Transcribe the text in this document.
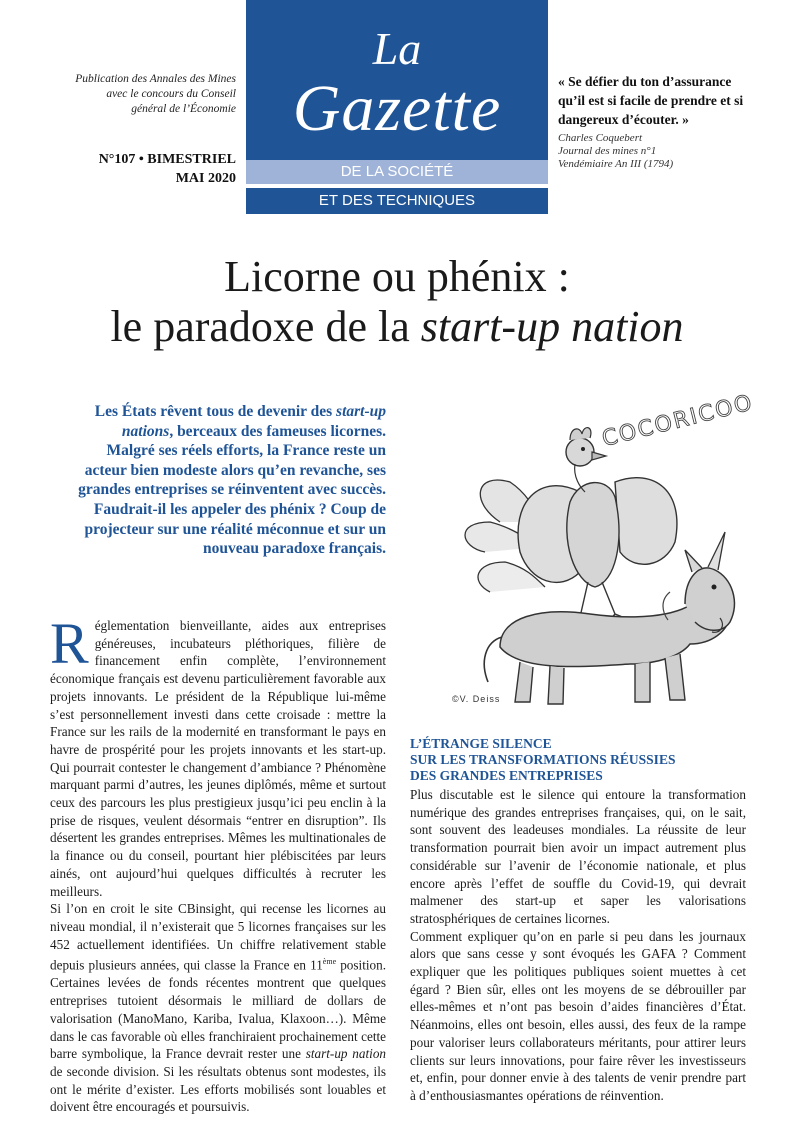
Publication des Annales des Mines
avec le concours du Conseil
général de l’Économie
N°107 • BIMESTRIEL
MAI 2020
La
Gazette
DE LA SOCIÉTÉ
ET DES TECHNIQUES
« Se défier du ton d’assurance qu’il est si facile de prendre et si dangereux d’écouter. »
Charles Coquebert
Journal des mines n°1
Vendémiaire An III (1794)
Licorne ou phénix :
le paradoxe de la start-up nation
Les États rêvent tous de devenir des start-up nations, berceaux des fameuses licornes. Malgré ses réels efforts, la France reste un acteur bien modeste alors qu’en revanche, ses grandes entreprises se réinventent avec succès. Faudrait-il les appeler des phénix ? Coup de projecteur sur une réalité méconnue et sur un nouveau paradoxe français.
COCORICOO
©V. Deiss

Réglementation bienveillante, aides aux entreprises généreuses, incubateurs pléthoriques, filière de financement enfin complète, l’environnement économique français est devenu particulièrement favorable aux projets innovants. Le président de la République lui-même s’est personnellement investi dans cette croisade : mettre la France sur les rails de la modernité en transformant le pays en havre de prospérité pour les projets innovants et les start-up. Qui pourrait contester le changement d’ambiance ? Phénomène marquant parmi d’autres, les jeunes diplômés, même et surtout ceux des parcours les plus prestigieux jusqu’ici peu enclin à la prise de risques, veulent désormais “entrer en disruption”. Ils désertent les grandes entreprises. Mêmes les multinationales de la finance ou du conseil, pourtant hier plébiscitées par leurs ainés, ont aujourd’hui quelques difficultés à recruter les meilleurs.

Si l’on en croit le site CBinsight, qui recense les licornes au niveau mondial, il n’existerait que 5 licornes françaises sur les 452 actuellement identifiées. Un chiffre relativement stable depuis plusieurs années, qui classe la France en 11ème position. Certaines levées de fonds récentes montrent que quelques entreprises tutoient désormais le milliard de dollars de valorisation (ManoMano, Kariba, Ivalua, Klaxoon…). Même dans le cas favorable où elles franchiraient prochainement cette barre symbolique, la France devrait rester une start-up nation de seconde division. Si les résultats obtenus sont modestes, ils ont le mérite d’exister. Les efforts mobilisés sont louables et doivent être encouragés et poursuivis.

L’ÉTRANGE SILENCE
SUR LES TRANSFORMATIONS RÉUSSIES
DES GRANDES ENTREPRISES

Plus discutable est le silence qui entoure la transformation numérique des grandes entreprises françaises, qui, on le sait, sont souvent des leadeuses mondiales. La réussite de leur transformation pourrait bien avoir un impact autrement plus considérable sur l’avenir de l’économie nationale, et plus encore après l’effet de souffle du Covid-19, qui devrait malmener des start-up et saper les valorisations stratosphériques de certaines licornes.

Comment expliquer qu’on en parle si peu dans les journaux alors que sans cesse y sont évoqués les GAFA ? Comment expliquer que les politiques publiques soient muettes à cet égard ? Bien sûr, elles ont les moyens de se débrouiller par elles-mêmes et n’ont pas besoin d’aides financières d’État. Néanmoins, elles ont besoin, elles aussi, des feux de la rampe pour valoriser leurs collaborateurs méritants, pour attirer leurs clients sur leurs innovations, pour faire rêver les investisseurs et, enfin, pour donner envie à des talents de venir prendre part à d’enthousiasmantes opérations de réinvention.
